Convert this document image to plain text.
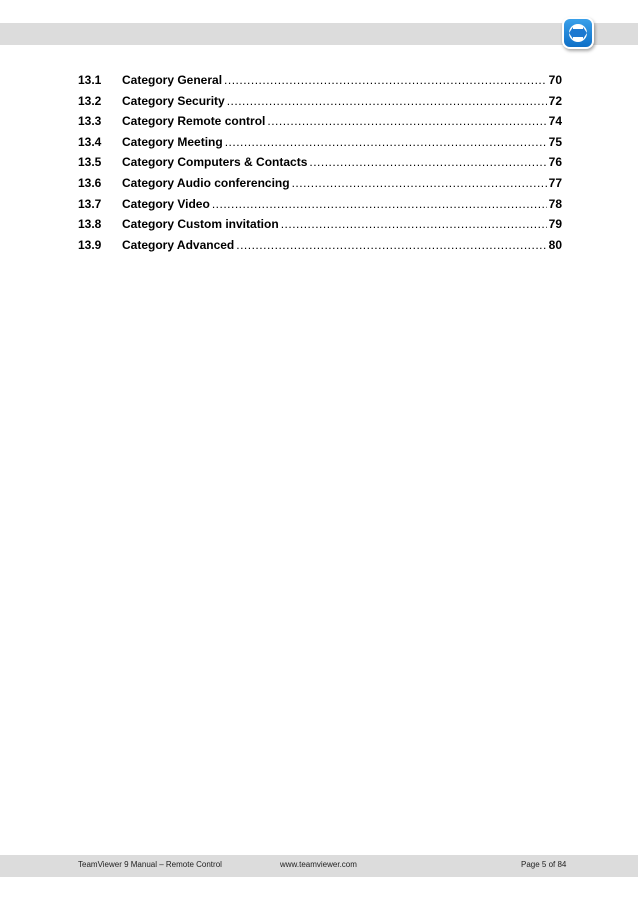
13.1	Category General .....	70
13.2	Category Security .....	72
13.3	Category Remote control .....	74
13.4	Category Meeting .....	75
13.5	Category Computers & Contacts .....	76
13.6	Category Audio conferencing .....	77
13.7	Category Video .....	78
13.8	Category Custom invitation .....	79
13.9	Category Advanced .....	80
TeamViewer 9 Manual – Remote Control	www.teamviewer.com	Page 5 of 84
